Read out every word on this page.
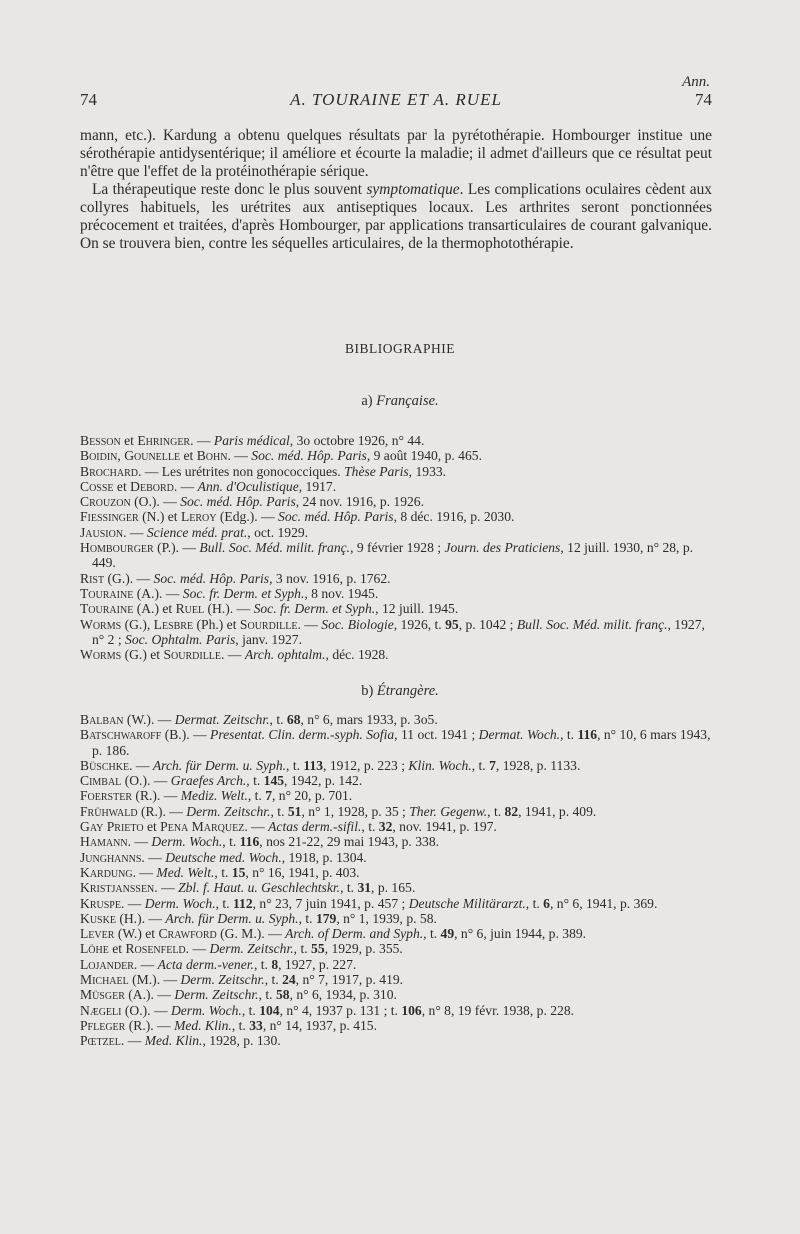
Ann.
74	A. TOURAINE ET A. RUEL	74

mann, etc.). Kardung a obtenu quelques résultats par la pyrétothérapie. Hombourger institue une sérothérapie antidysentérique; il améliore et écourte la maladie; il admet d'ailleurs que ce résultat peut n'être que l'effet de la protéinothérapie sérique.

La thérapeutique reste donc le plus souvent symptomatique. Les complications oculaires cèdent aux collyres habituels, les urétrites aux antiseptiques locaux. Les arthrites seront ponctionnées précocement et traitées, d'après Hombourger, par applications transarticulaires de courant galvanique. On se trouvera bien, contre les séquelles articulaires, de la thermophotothérapie.

BIBLIOGRAPHIE
a) Française.
Besson et Ehringer. — Paris médical, 3o octobre 1926, n° 44.
Boidin, Gounelle et Bohn. — Soc. méd. Hôp. Paris, 9 août 1940, p. 465.
Brochard. — Les urétrites non gonococciques. Thèse Paris, 1933.
Cosse et Debord. — Ann. d'Oculistique, 1917.
Crouzon (O.). — Soc. méd. Hôp. Paris, 24 nov. 1916, p. 1926.
Fiessinger (N.) et Leroy (Edg.). — Soc. méd. Hôp. Paris, 8 déc. 1916, p. 2030.
Jausion. — Science méd. prat., oct. 1929.
Hombourger (P.). — Bull. Soc. Méd. milit. franç., 9 février 1928 ; Journ. des Praticiens, 12 juill. 1930, n° 28, p. 449.
Rist (G.). — Soc. méd. Hôp. Paris, 3 nov. 1916, p. 1762.
Touraine (A.). — Soc. fr. Derm. et Syph., 8 nov. 1945.
Touraine (A.) et Ruel (H.). — Soc. fr. Derm. et Syph., 12 juill. 1945.
Worms (G.), Lesbre (Ph.) et Sourdille. — Soc. Biologie, 1926, t. 95, p. 1042 ; Bull. Soc. Méd. milit. franç., 1927, n° 2 ; Soc. Ophtalm. Paris, janv. 1927.
Worms (G.) et Sourdille. — Arch. ophtalm., déc. 1928.
b) Étrangère.
Balban (W.). — Dermat. Zeitschr., t. 68, n° 6, mars 1933, p. 3o5.
Batschwaroff (B.). — Presentat. Clin. derm.-syph. Sofia, 11 oct. 1941 ; Dermat. Woch., t. 116, n° 10, 6 mars 1943, p. 186.
Büschke. — Arch. für Derm. u. Syph., t. 113, 1912, p. 223 ; Klin. Woch., t. 7, 1928, p. 1133.
Cimbal (O.). — Graefes Arch., t. 145, 1942, p. 142.
Foerster (R.). — Mediz. Welt., t. 7, n° 20, p. 701.
Frühwald (R.). — Derm. Zeitschr., t. 51, n° 1, 1928, p. 35 ; Ther. Gegenw., t. 82, 1941, p. 409.
Gay Prieto et Pena Marquez. — Actas derm.-sifil., t. 32, nov. 1941, p. 197.
Hamann. — Derm. Woch., t. 116, nos 21-22, 29 mai 1943, p. 338.
Junghanns. — Deutsche med. Woch., 1918, p. 1304.
Kardung. — Med. Welt., t. 15, n° 16, 1941, p. 403.
Kristjanssen. — Zbl. f. Haut. u. Geschlechtskr., t. 31, p. 165.
Kruspe. — Derm. Woch., t. 112, n° 23, 7 juin 1941, p. 457 ; Deutsche Militärarzt., t. 6, n° 6, 1941, p. 369.
Kuske (H.). — Arch. für Derm. u. Syph., t. 179, n° 1, 1939, p. 58.
Lever (W.) et Crawford (G. M.). — Arch. of Derm. and Syph., t. 49, n° 6, juin 1944, p. 389.
Löhe et Rosenfeld. — Derm. Zeitschr., t. 55, 1929, p. 355.
Lojander. — Acta derm.-vener., t. 8, 1927, p. 227.
Michael (M.). — Derm. Zeitschr., t. 24, n° 7, 1917, p. 419.
Müsger (A.). — Derm. Zeitschr., t. 58, n° 6, 1934, p. 310.
Nægeli (O.). — Derm. Woch., t. 104, n° 4, 1937 p. 131 ; t. 106, n° 8, 19 févr. 1938, p. 228.
Pfleger (R.). — Med. Klin., t. 33, n° 14, 1937, p. 415.
Pœtzel. — Med. Klin., 1928, p. 130.
